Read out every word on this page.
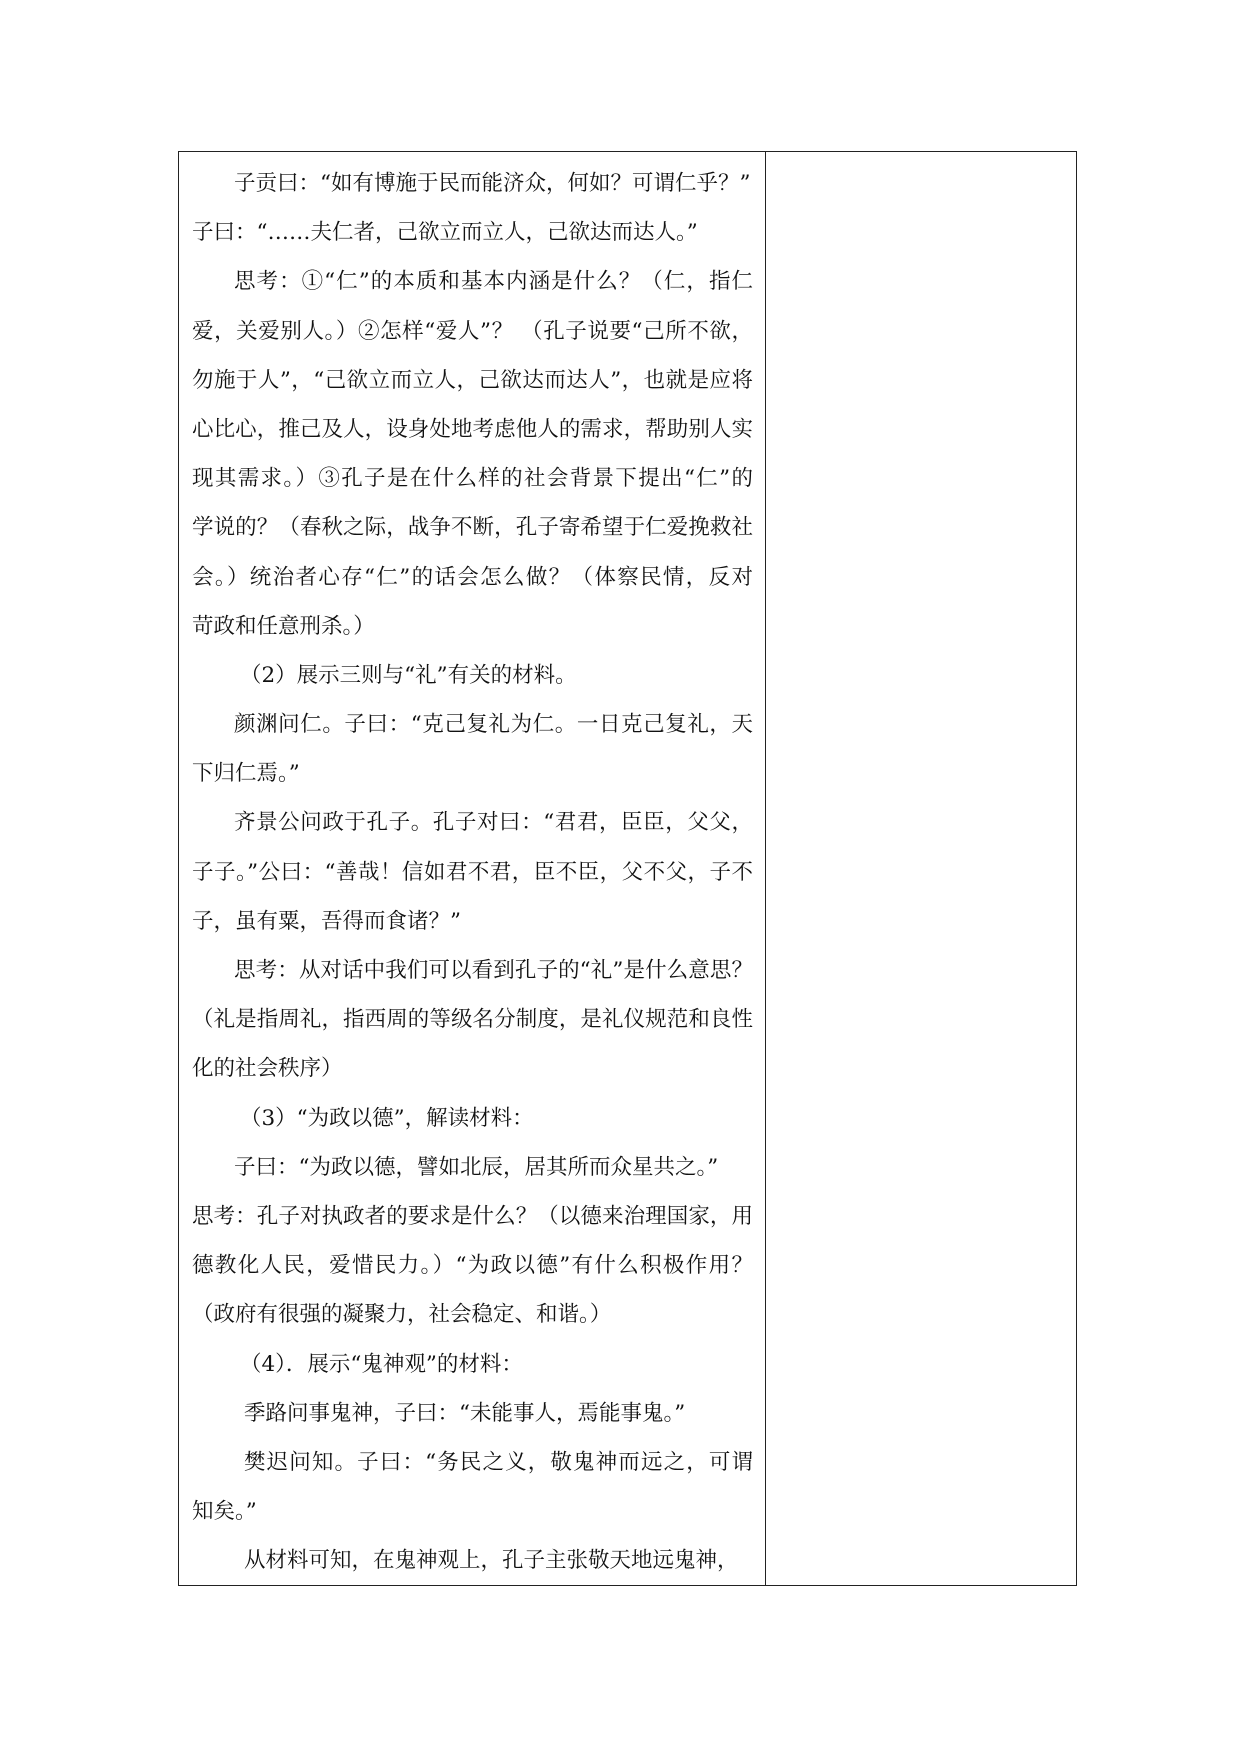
子贡曰：“如有博施于民而能济众，何如？可谓仁乎？”
子曰：“……夫仁者，己欲立而立人，己欲达而达人。”
思考：①“仁”的本质和基本内涵是什么？（仁，指仁
爱，关爱别人。）②怎样“爱人”？ （孔子说要“己所不欲，
勿施于人”，“己欲立而立人，己欲达而达人”，也就是应将
心比心，推己及人，设身处地考虑他人的需求，帮助别人实
现其需求。）③孔子是在什么样的社会背景下提出“仁”的
学说的？（春秋之际，战争不断，孔子寄希望于仁爱挽救社
会。）统治者心存“仁”的话会怎么做？（体察民情，反对
苛政和任意刑杀。）
（2）展示三则与“礼”有关的材料。
颜渊问仁。子曰：“克己复礼为仁。一日克己复礼，天
下归仁焉。”
齐景公问政于孔子。孔子对曰：“君君，臣臣，父父，
子子。”公曰：“善哉！信如君不君，臣不臣，父不父，子不
子，虽有粟，吾得而食诸？”
思考：从对话中我们可以看到孔子的“礼”是什么意思？
（礼是指周礼，指西周的等级名分制度，是礼仪规范和良性
化的社会秩序）
（3）“为政以德”，解读材料：
子曰：“为政以德，譬如北辰，居其所而众星共之。”
思考：孔子对执政者的要求是什么？（以德来治理国家，用
德教化人民，爱惜民力。）“为政以德”有什么积极作用？
（政府有很强的凝聚力，社会稳定、和谐。）
（4）．展示“鬼神观”的材料：
季路问事鬼神，子曰：“未能事人，焉能事鬼。”
樊迟问知。子曰：“务民之义，敬鬼神而远之，可谓
知矣。”
从材料可知，在鬼神观上，孔子主张敬天地远鬼神，
